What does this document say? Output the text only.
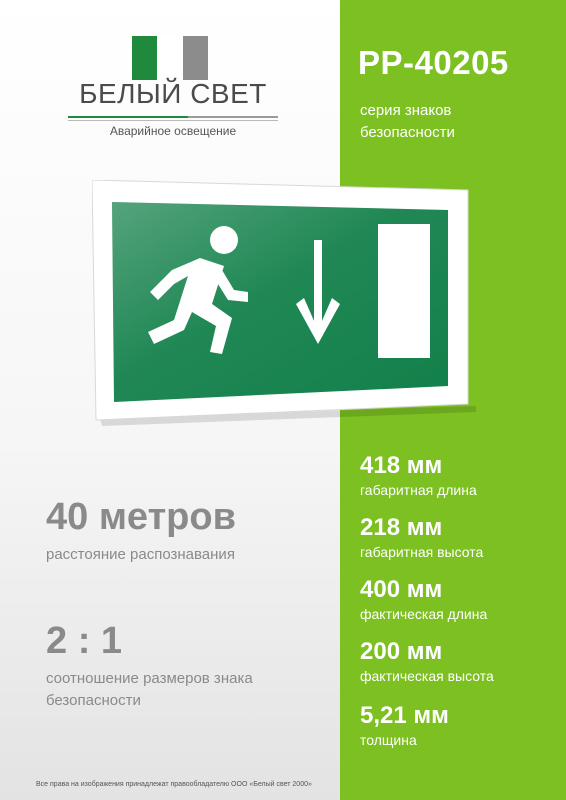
БЕЛЫЙ СВЕТ
Аварийное освещение
РР-40205
серия знаков безопасности
40 метров
расстояние распознавания
2 : 1
соотношение размеров знака безопасности
418 мм
габаритная длина
218 мм
габаритная высота
400 мм
фактическая длина
200 мм
фактическая высота
5,21 мм
толщина
Все права на изображения принадлежат правообладателю ООО «Белый свет 2000»
